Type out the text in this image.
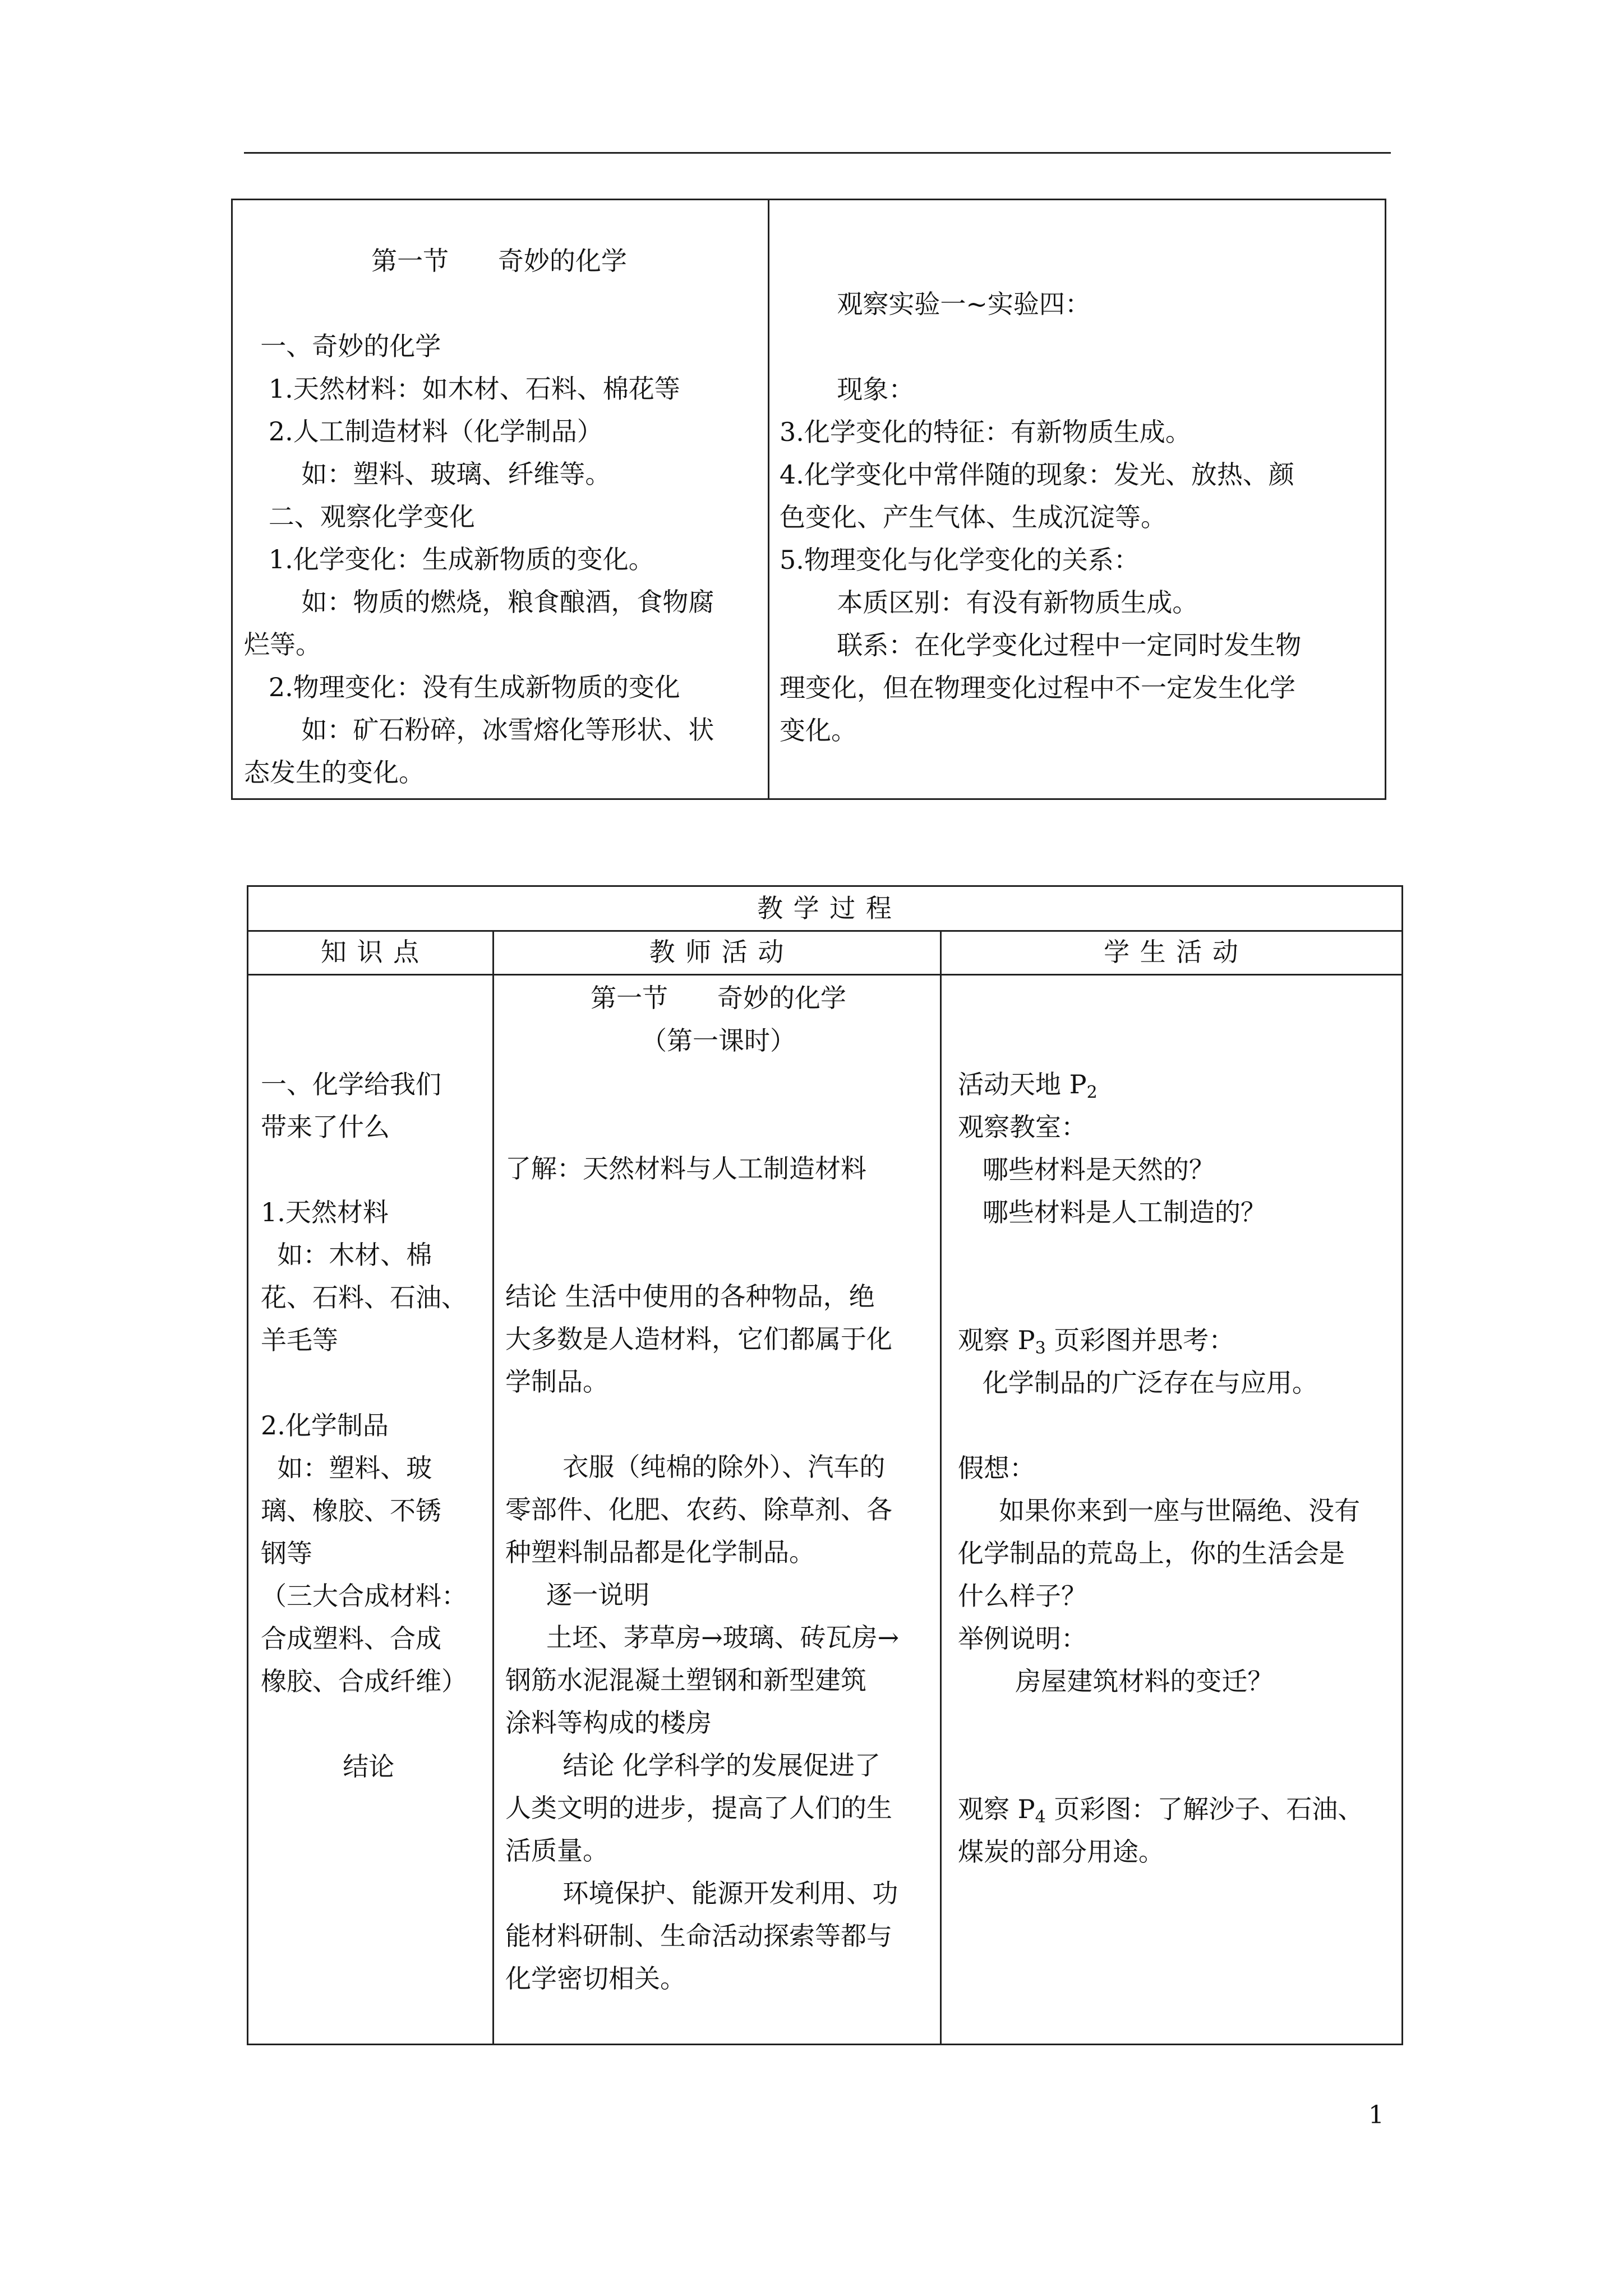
第一节      奇妙的化学
一、奇妙的化学
1.天然材料：如木材、石料、棉花等
2.人工制造材料（化学制品）
如：塑料、玻璃、纤维等。
二、观察化学变化
1.化学变化：生成新物质的变化。
如：物质的燃烧，粮食酿酒，食物腐
烂等。
2.物理变化：没有生成新物质的变化
如：矿石粉碎，冰雪熔化等形状、状
态发生的变化。
观察实验一~实验四：

现象：
3.化学变化的特征：有新物质生成。
4.化学变化中常伴随的现象：发光、放热、颜
色变化、产生气体、生成沉淀等。
5.物理变化与化学变化的关系：
本质区别：有没有新物质生成。
联系：在化学变化过程中一定同时发生物
理变化，但在物理变化过程中不一定发生化学
变化。
教 学 过 程
知 识 点	教 师 活 动	学 生 活 动
一、化学给我们
带来了什么

1.天然材料
如：木材、棉
花、石料、石油、
羊毛等

2.化学制品
如：塑料、玻
璃、橡胶、不锈
钢等
（三大合成材料：
合成塑料、合成
橡胶、合成纤维）

结论
第一节      奇妙的化学
（第一课时）

了解：天然材料与人工制造材料

结论 生活中使用的各种物品，绝
大多数是人造材料，它们都属于化
学制品。

衣服（纯棉的除外）、汽车的
零部件、化肥、农药、除草剂、各
种塑料制品都是化学制品。
逐一说明
土坯、茅草房→玻璃、砖瓦房→
钢筋水泥混凝土塑钢和新型建筑
涂料等构成的楼房
结论 化学科学的发展促进了
人类文明的进步，提高了人们的生
活质量。
环境保护、能源开发利用、功
能材料研制、生命活动探索等都与
化学密切相关。
活动天地 $P_2$
观察教室：
哪些材料是天然的？
哪些材料是人工制造的？

观察 $P_3$ 页彩图并思考：
化学制品的广泛存在与应用。

假想：
如果你来到一座与世隔绝、没有
化学制品的荒岛上，你的生活会是
什么样子？
举例说明：
房屋建筑材料的变迁？

观察 $P_4$ 页彩图：了解沙子、石油、
煤炭的部分用途。
1
